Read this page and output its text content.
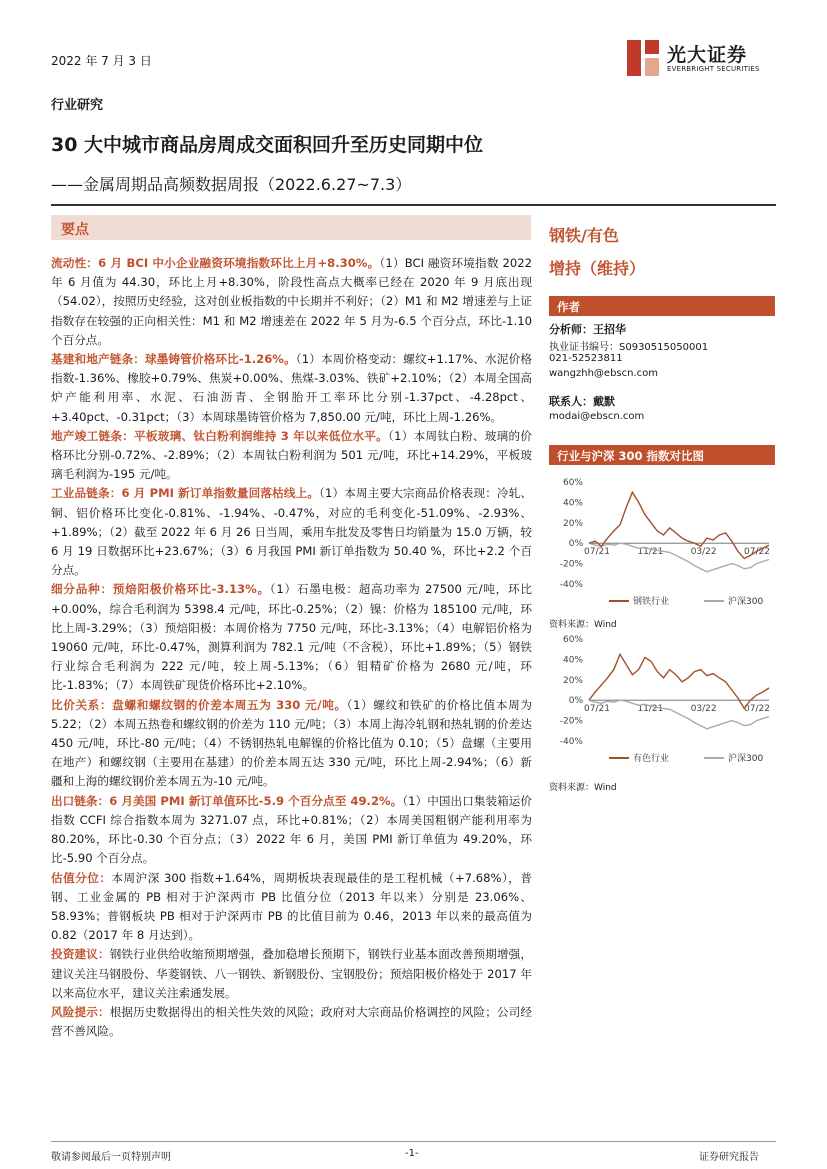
2022 年 7 月 3 日	光大证券
EVERBRIGHT SECURITIES
行业研究
30 大中城市商品房周成交面积回升至历史同期中位
——金属周期品高频数据周报（2022.6.27~7.3）
要点

流动性：6 月 BCI 中小企业融资环境指数环比上月+8.30%。（1）BCI 融资环境指数 2022 年 6 月值为 44.30，环比上月+8.30%，阶段性高点大概率已经在 2020 年 9 月底出现（54.02），按照历史经验，这对创业板指数的中长期并不利好；（2）M1 和 M2 增速差与上证指数存在较强的正向相关性：M1 和 M2 增速差在 2022 年 5 月为-6.5 个百分点，环比-1.10 个百分点。

基建和地产链条：球墨铸管价格环比-1.26%。（1）本周价格变动：螺纹+1.17%、水泥价格指数-1.36%、橡胶+0.79%、焦炭+0.00%、焦煤-3.03%、铁矿+2.10%；（2）本周全国高炉产能利用率、水泥、石油沥青、全钢胎开工率环比分别-1.37pct、-4.28pct、+3.40pct、-0.31pct；（3）本周球墨铸管价格为 7,850.00 元/吨，环比上周-1.26%。

地产竣工链条：平板玻璃、钛白粉利润维持 3 年以来低位水平。（1）本周钛白粉、玻璃的价格环比分别-0.72%、-2.89%；（2）本周钛白粉利润为 501 元/吨，环比+14.29%，平板玻璃毛利润为-195 元/吨。

工业品链条：6 月 PMI 新订单指数量回落枯线上。（1）本周主要大宗商品价格表现：冷轧、铜、铝价格环比变化-0.81%、-1.94%、-0.47%，对应的毛利变化-51.09%、-2.93%、+1.89%；（2）截至 2022 年 6 月 26 日当周，乘用车批发及零售日均销量为 15.0 万辆，较 6 月 19 日数据环比+23.67%；（3）6 月我国 PMI 新订单指数为 50.40 %，环比+2.2 个百分点。

细分品种：预焙阳极价格环比-3.13%。（1）石墨电极：超高功率为 27500 元/吨，环比+0.00%，综合毛利润为 5398.4 元/吨，环比-0.25%；（2）镍：价格为 185100 元/吨，环比上周-3.29%；（3）预焙阳极：本周价格为 7750 元/吨，环比-3.13%；（4）电解铝价格为 19060 元/吨，环比-0.47%，测算利润为 782.1 元/吨（不含税），环比+1.89%；（5）钢铁行业综合毛利润为 222 元/吨，较上周-5.13%；（6）钼精矿价格为 2680 元/吨，环比-1.83%；（7）本周铁矿现货价格环比+2.10%。

比价关系：盘螺和螺纹钢的价差本周五为 330 元/吨。（1）螺纹和铁矿的价格比值本周为 5.22；（2）本周五热卷和螺纹钢的价差为 110 元/吨；（3）本周上海冷轧钢和热轧钢的价差达 450 元/吨，环比-80 元/吨；（4）不锈钢热轧电解镍的价格比值为 0.10；（5）盘螺（主要用在地产）和螺纹钢（主要用在基建）的价差本周五达 330 元/吨，环比上周-2.94%；（6）新疆和上海的螺纹钢价差本周五为-10 元/吨。

出口链条：6 月美国 PMI 新订单值环比-5.9 个百分点至 49.2%。（1）中国出口集装箱运价指数 CCFI 综合指数本周为 3271.07 点，环比+0.81%；（2）本周美国粗钢产能利用率为 80.20%，环比-0.30 个百分点；（3）2022 年 6 月，美国 PMI 新订单值为 49.20%，环比-5.90 个百分点。

估值分位：本周沪深 300 指数+1.64%，周期板块表现最佳的是工程机械（+7.68%），普钢、工业金属的 PB 相对于沪深两市 PB 比值分位（2013 年以来）分别是 23.06%、58.93%；普钢板块 PB 相对于沪深两市 PB 的比值目前为 0.46，2013 年以来的最高值为 0.82（2017 年 8 月达到）。

投资建议：钢铁行业供给收缩预期增强，叠加稳增长预期下，钢铁行业基本面改善预期增强，建议关注马钢股份、华菱钢铁、八一钢铁、新钢股份、宝钢股份；预焙阳极价格处于 2017 年以来高位水平，建议关注索通发展。

风险提示：根据历史数据得出的相关性失效的风险；政府对大宗商品价格调控的风险；公司经营不善风险。

钢铁/有色
增持（维持）
作者
分析师：王招华
执业证书编号：S0930515050001
021-52523811
wangzhh@ebscn.com
联系人：戴默
modai@ebscn.com
行业与沪深 300 指数对比图
60%
40%
20%
0%
-20%
-40%
07/21	11/21	03/22	07/22
钢铁行业	沪深300
资料来源：Wind
60%
40%
20%
0%
-20%
-40%
07/21	11/21	03/22	07/22
有色行业	沪深300
资料来源：Wind
敬请参阅最后一页特别声明	-1-	证券研究报告
